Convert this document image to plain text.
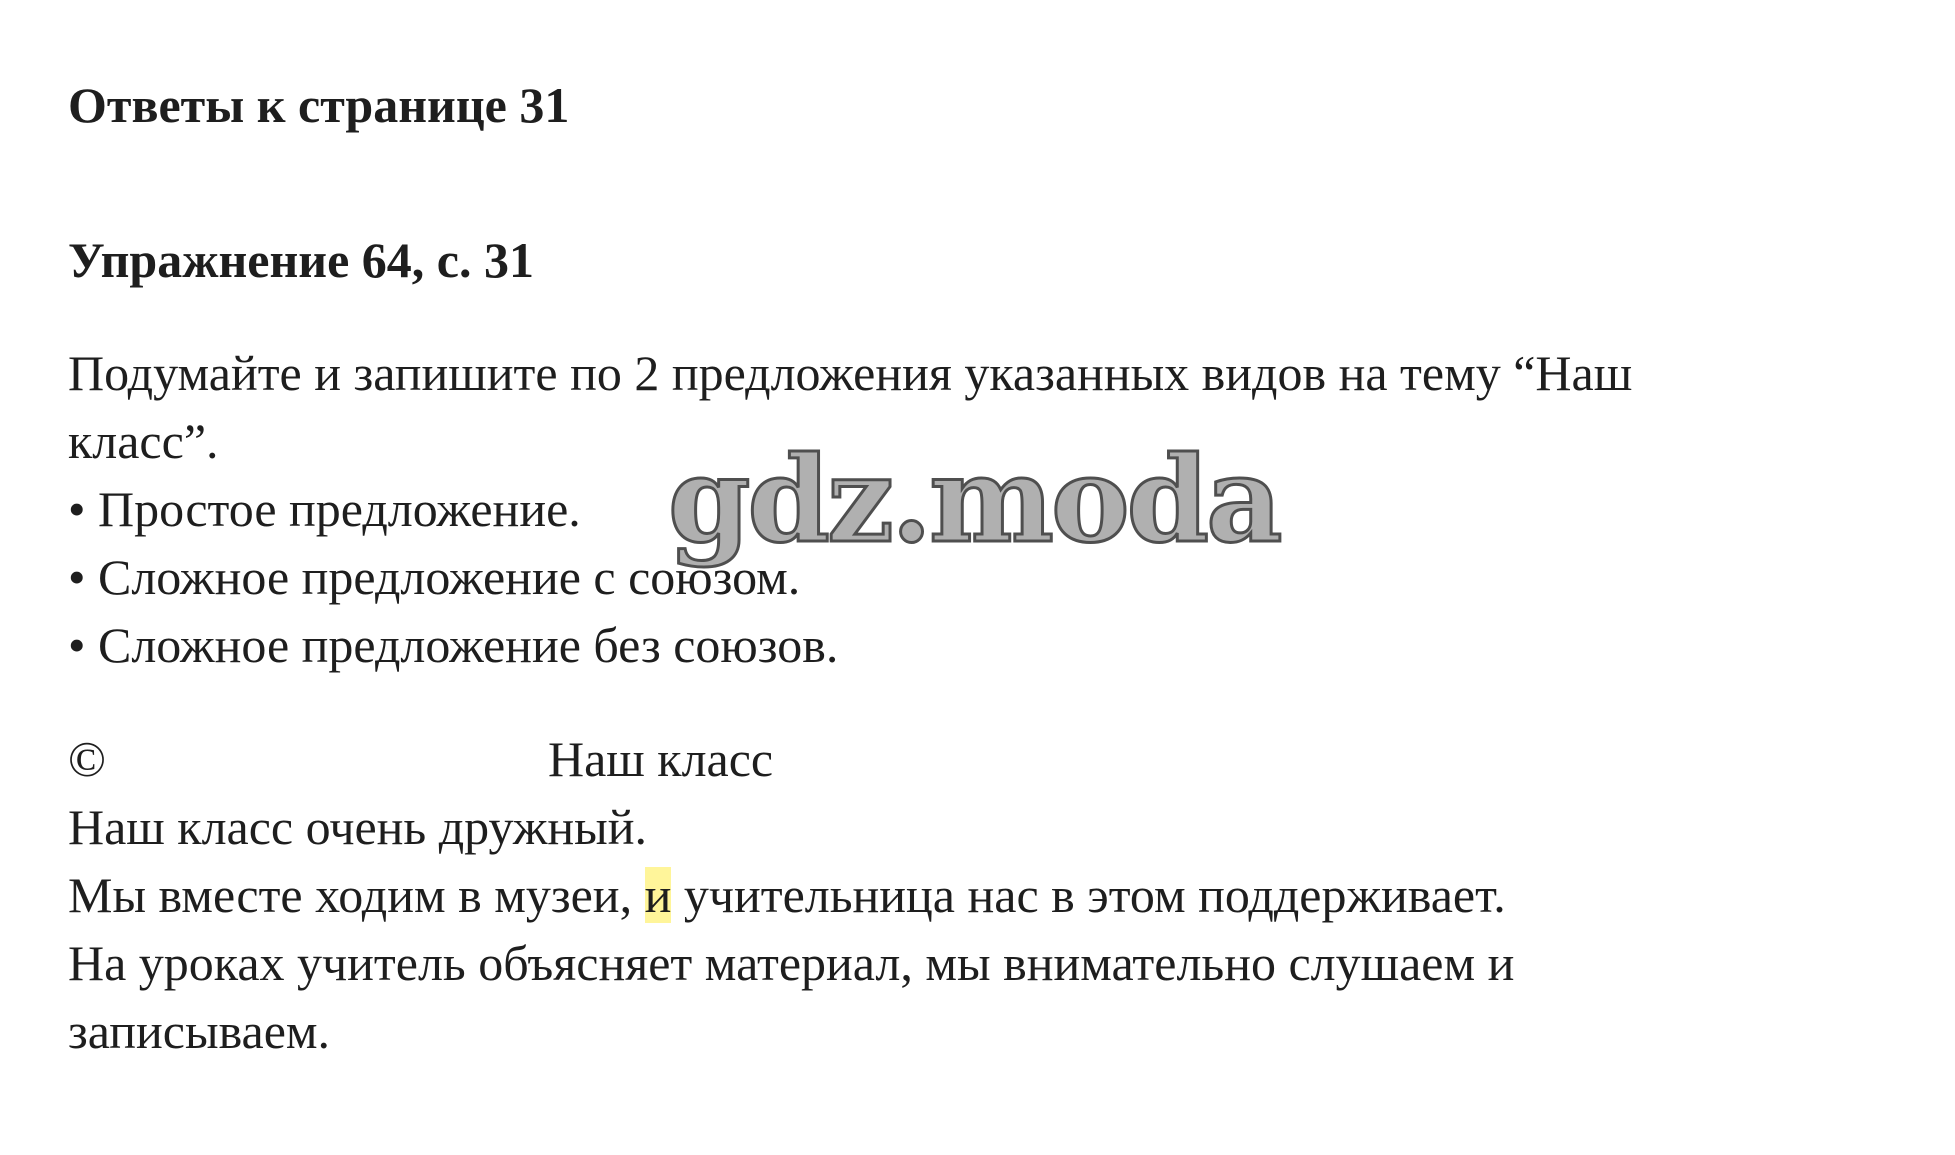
Ответы к странице 31
Упражнение 64, с. 31
Подумайте и запишите по 2 предложения указанных видов на тему “Наш
класс”.
• Простое предложение.
• Сложное предложение с союзом.
• Сложное предложение без союзов.
©	Наш класс
Наш класс очень дружный.
Мы вместе ходим в музеи, и учительница нас в этом поддерживает.
На уроках учитель объясняет материал, мы внимательно слушаем и
записываем.
gdz.moda
